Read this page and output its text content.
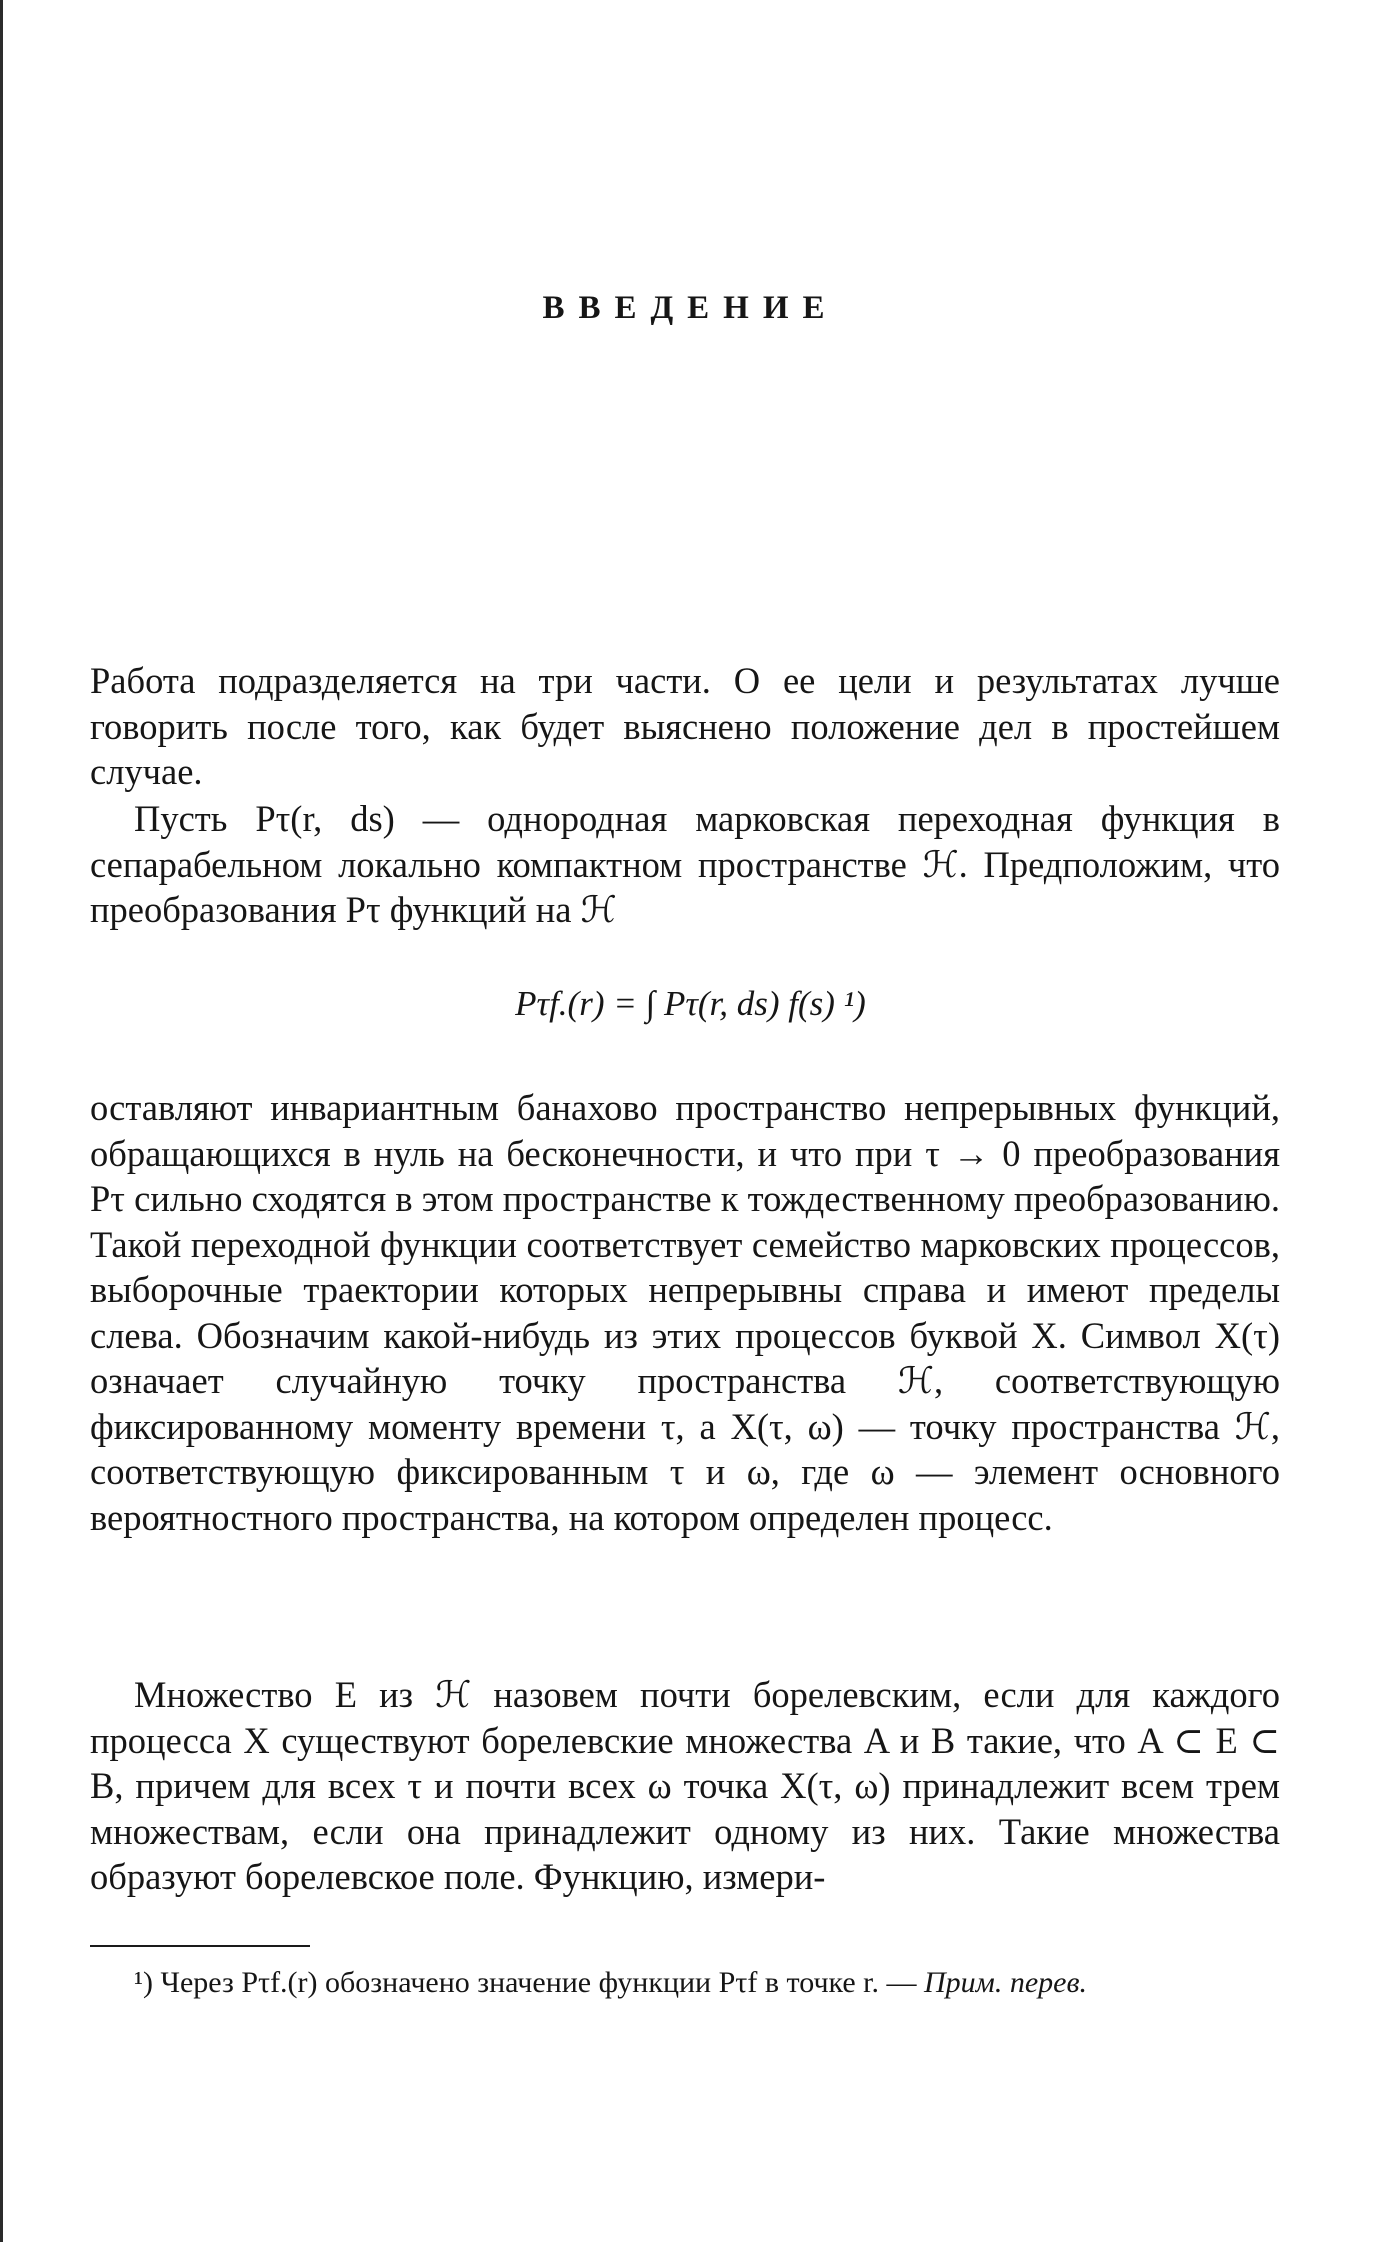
ВВЕДЕНИЕ

Работа подразделяется на три части. О ее цели и результатах лучше говорить после того, как будет выяснено положение дел в простейшем случае.

Пусть Pτ(r, ds) — однородная марковская переходная функция в сепарабельном локально компактном пространстве ℋ. Предположим, что преобразования Pτ функций на ℋ

Pτf.(r) = ∫ Pτ(r, ds) f(s) ¹)

оставляют инвариантным банахово пространство непрерывных функций, обращающихся в нуль на бесконечности, и что при τ → 0 преобразования Pτ сильно сходятся в этом пространстве к тождественному преобразованию. Такой переходной функции соответствует семейство марковских процессов, выборочные траектории которых непрерывны справа и имеют пределы слева. Обозначим какой-нибудь из этих процессов буквой X. Символ X(τ) означает случайную точку пространства ℋ, соответствующую фиксированному моменту времени τ, а X(τ, ω) — точку пространства ℋ, соответствующую фиксированным τ и ω, где ω — элемент основного вероятностного пространства, на котором определен процесс.

Множество E из ℋ назовем почти борелевским, если для каждого процесса X существуют борелевские множества A и B такие, что A ⊂ E ⊂ B, причем для всех τ и почти всех ω точка X(τ, ω) принадлежит всем трем множествам, если она принадлежит одному из них. Такие множества образуют борелевское поле. Функцию, измери-

¹) Через Pτf.(r) обозначено значение функции Pτf в точке r. — Прим. перев.
